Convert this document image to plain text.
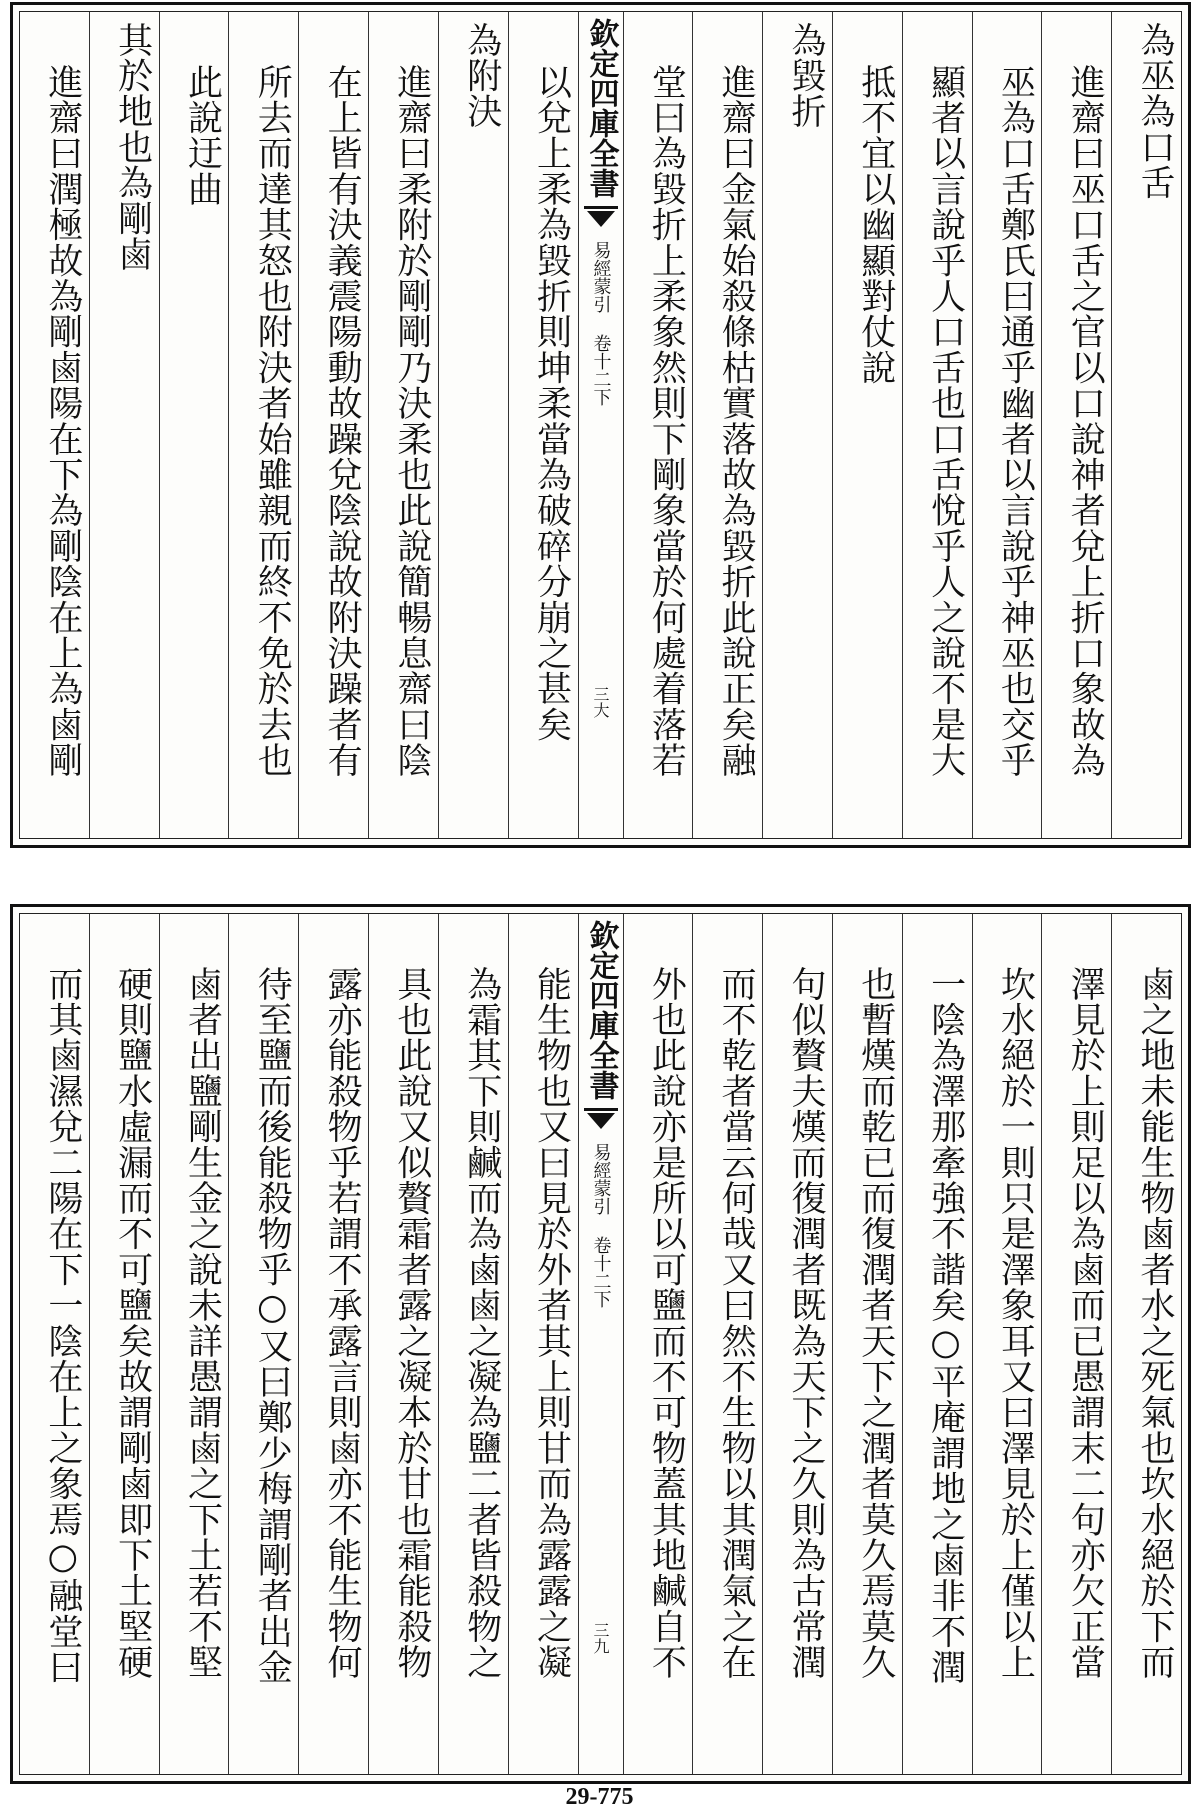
為巫為口舌
進齋曰巫口舌之官以口說神者兌上折口象故為
巫為口舌鄭氏曰通乎幽者以言說乎神巫也交乎
顯者以言說乎人口舌也口舌悅乎人之說不是大
抵不宜以幽顯對仗說
為毀折
進齋曰金氣始殺條枯實落故為毀折此說正矣融
堂曰為毀折上柔象然則下剛象當於何處着落若
欽定四庫全書
易經蒙引 卷十二下
三大
以兌上柔為毀折則坤柔當為破碎分崩之甚矣
為附決
進齋曰柔附於剛剛乃決柔也此說簡暢息齋曰陰
在上皆有決義震陽動故躁兌陰說故附決躁者有
所去而達其怒也附決者始雖親而終不免於去也
此說迂曲
其於地也為剛鹵
進齋曰潤極故為剛鹵陽在下為剛陰在上為鹵剛
鹵之地未能生物鹵者水之死氣也坎水絕於下而
澤見於上則足以為鹵而已愚謂末二句亦欠正當
坎水絕於一則只是澤象耳又曰澤見於上僅以上
一陰為澤那牽強不諧矣○平庵謂地之鹵非不潤
也暫熯而乾已而復潤者天下之潤者莫久焉莫久
句似贅夫熯而復潤者既為天下之久則為古常潤
而不乾者當云何哉又曰然不生物以其潤氣之在
外也此說亦是所以可鹽而不可物蓋其地鹹自不
欽定四庫全書
易經蒙引 卷十二下
三九
能生物也又曰見於外者其上則甘而為露露之凝
為霜其下則鹹而為鹵鹵之凝為鹽二者皆殺物之
具也此說又似贅霜者露之凝本於甘也霜能殺物
露亦能殺物乎若謂不承露言則鹵亦不能生物何
待至鹽而後能殺物乎○又曰鄭少梅謂剛者出金
鹵者出鹽剛生金之說未詳愚謂鹵之下土若不堅
硬則鹽水虛漏而不可鹽矣故謂剛鹵即下土堅硬
而其鹵濕兌二陽在下一陰在上之象焉○融堂曰
29-775
